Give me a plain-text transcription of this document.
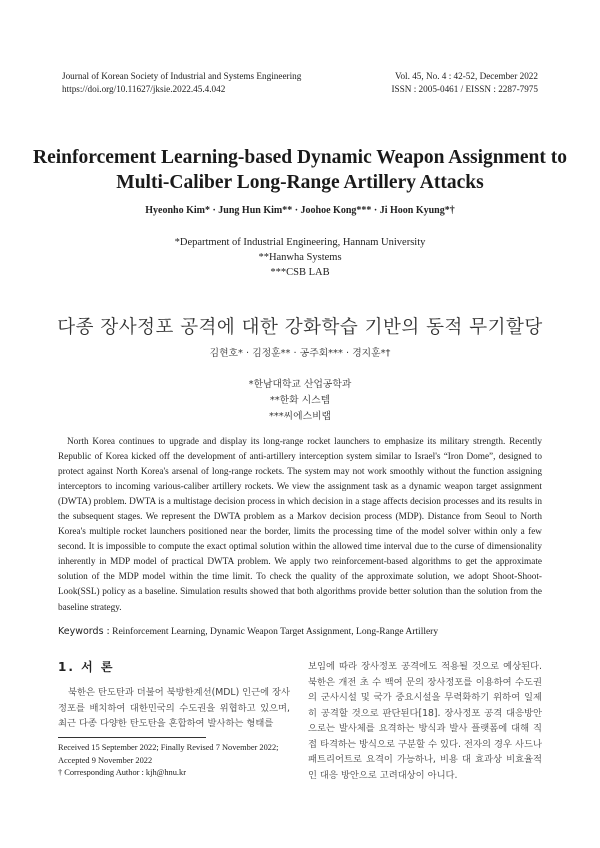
Journal of Korean Society of Industrial and Systems Engineering
https://doi.org/10.11627/jksie.2022.45.4.042
Vol. 45, No. 4 : 42-52, December 2022
ISSN : 2005-0461 / EISSN : 2287-7975
Reinforcement Learning-based Dynamic Weapon Assignment to
Multi-Caliber Long-Range Artillery Attacks
Hyeonho Kim* · Jung Hun Kim** · Joohoe Kong*** · Ji Hoon Kyung*†
*Department of Industrial Engineering, Hannam University
**Hanwha Systems
***CSB LAB
다종 장사정포 공격에 대한 강화학습 기반의 동적 무기할당
김현호* · 김정훈** · 공주회*** · 경지훈*†
*한남대학교 산업공학과
**한화 시스템
***씨에스비랩
North Korea continues to upgrade and display its long-range rocket launchers to emphasize its military strength. Recently Republic of Korea kicked off the development of anti-artillery interception system similar to Israel's “Iron Dome”, designed to protect against North Korea's arsenal of long-range rockets. The system may not work smoothly without the function assigning interceptors to incoming various-caliber artillery rockets. We view the assignment task as a dynamic weapon target assignment (DWTA) problem. DWTA is a multistage decision process in which decision in a stage affects decision processes and its results in the subsequent stages. We represent the DWTA problem as a Markov decision process (MDP). Distance from Seoul to North Korea's multiple rocket launchers positioned near the border, limits the processing time of the model solver within only a few second. It is impossible to compute the exact optimal solution within the allowed time interval due to the curse of dimensionality inherently in MDP model of practical DWTA problem. We apply two reinforcement-based algorithms to get the approximate solution of the MDP model within the time limit. To check the quality of the approximate solution, we adopt Shoot-Shoot-Look(SSL) policy as a baseline. Simulation results showed that both algorithms provide better solution than the solution from the baseline strategy.
Keywords : Reinforcement Learning, Dynamic Weapon Target Assignment, Long-Range Artillery
1. 서 론
북한은 탄도탄과 더불어 북방한계선(MDL) 인근에 장사정포를 배치하여 대한민국의 수도권을 위협하고 있으며, 최근 다종 다양한 탄도탄을 혼합하여 발사하는 형태를
보임에 따라 장사정포 공격에도 적용될 것으로 예상된다. 북한은 개전 초 수 백여 문의 장사정포를 이용하여 수도권의 군사시설 및 국가 중요시설을 무력화하기 위하여 일제히 공격할 것으로 판단된다[18]. 장사정포 공격 대응방안으로는 발사체를 요격하는 방식과 발사 플랫폼에 대해 직접 타격하는 방식으로 구분할 수 있다. 전자의 경우 사드나 패트리어트로 요격이 가능하나, 비용 대 효과상 비효율적인 대응 방안으로 고려대상이 아니다.
Received 15 September 2022; Finally Revised 7 November 2022;
Accepted 9 November 2022
† Corresponding Author : kjh@hnu.kr
